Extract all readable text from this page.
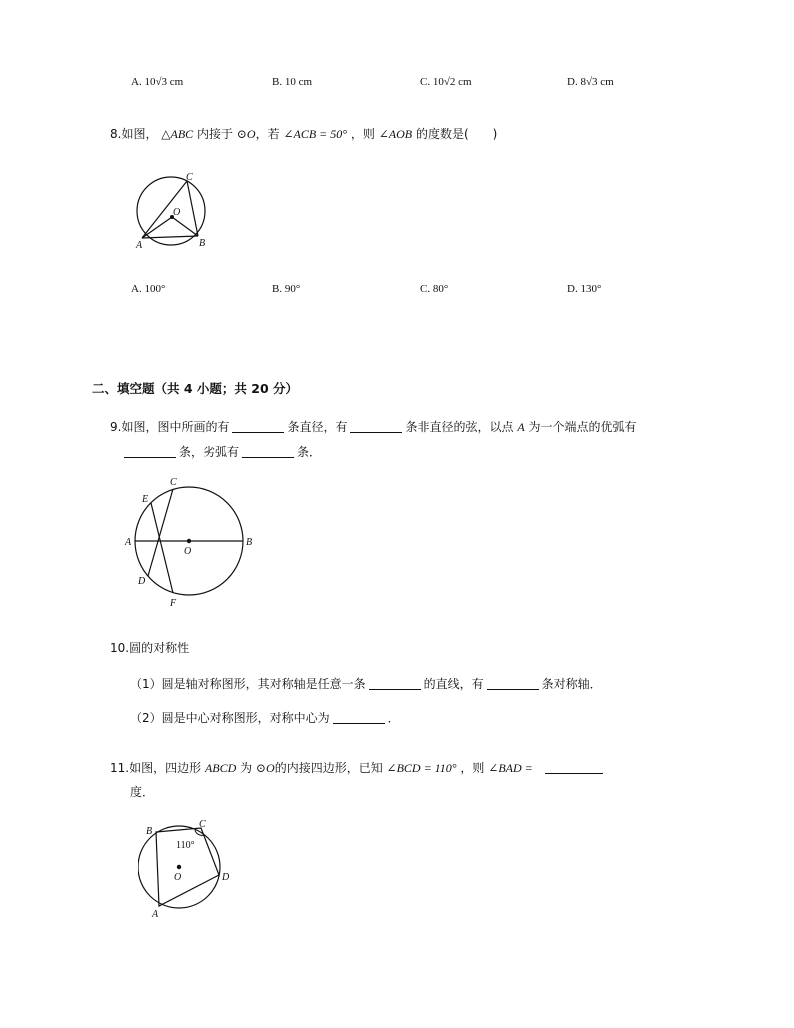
A. 10√3 cm	B. 10 cm	C. 10√2 cm	D. 8√3 cm
8.如图， △ABC 内接于 ⊙O，若 ∠ACB = 50° ，则 ∠AOB 的度数是(　　)
C
O
A	B
A. 100°	B. 90°	C. 80°	D. 130°
二、填空题（共 4 小题；共 20 分）
9.如图，图中所画的有	条直径，有	条非直径的弦，以点 A 为一个端点的优弧有
条，劣弧有	条．
C
E
A
O
B
D
F
10.圆的对称性
（1）圆是轴对称图形，其对称轴是任意一条	的直线，有	条对称轴．
（2）圆是中心对称图形，对称中心为	．
11.如图，四边形 ABCD 为 ⊙O的内接四边形，已知 ∠BCD = 110° ，则 ∠BAD =
度．
110°
B
C
O	D
A
